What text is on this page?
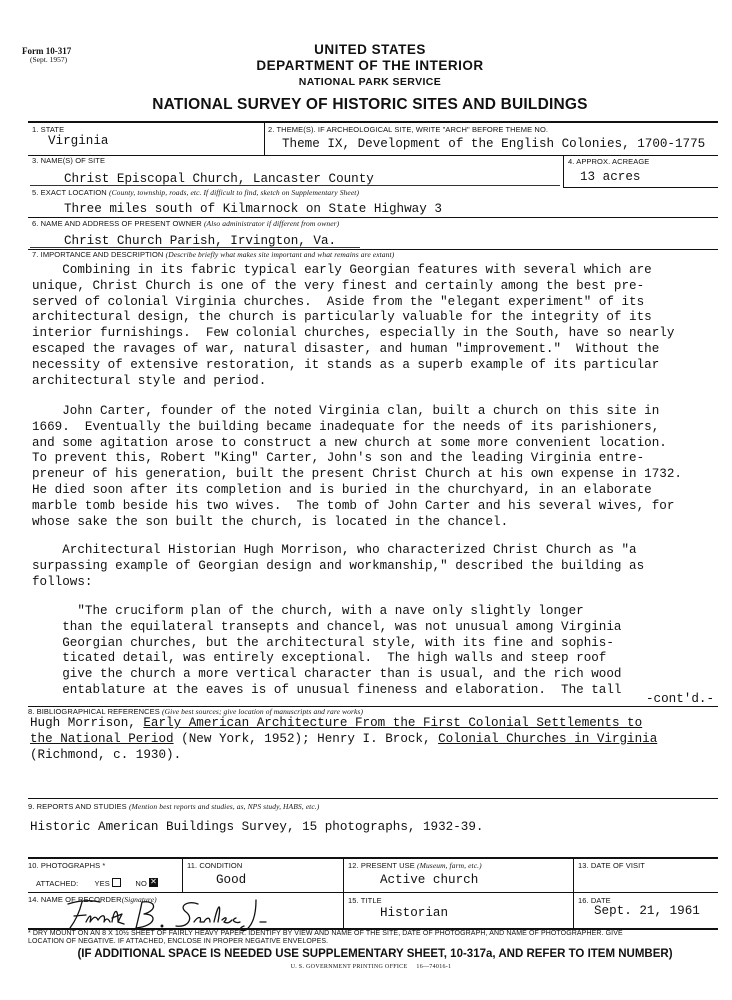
Form 10-317
(Sept. 1957)
UNITED STATES
DEPARTMENT OF THE INTERIOR
NATIONAL PARK SERVICE
NATIONAL SURVEY OF HISTORIC SITES AND BUILDINGS
1. STATE
Virginia
2. THEME(S). IF ARCHEOLOGICAL SITE, WRITE "ARCH" BEFORE THEME NO.
Theme IX, Development of the English Colonies, 1700-1775
3. NAME(S) OF SITE
Christ Episcopal Church, Lancaster County
4. APPROX. ACREAGE
13 acres
5. EXACT LOCATION (County, township, roads, etc. If difficult to find, sketch on Supplementary Sheet)
Three miles south of Kilmarnock on State Highway 3
6. NAME AND ADDRESS OF PRESENT OWNER (Also administrator if different from owner)
Christ Church Parish, Irvington, Va.
7. IMPORTANCE AND DESCRIPTION (Describe briefly what makes site important and what remains are extant)
Combining in its fabric typical early Georgian features with several which are
unique, Christ Church is one of the very finest and certainly among the best pre-
served of colonial Virginia churches.  Aside from the "elegant experiment" of its
architectural design, the church is particularly valuable for the integrity of its
interior furnishings.  Few colonial churches, especially in the South, have so nearly
escaped the ravages of war, natural disaster, and human "improvement."  Without the
necessity of extensive restoration, it stands as a superb example of its particular
architectural style and period.
John Carter, founder of the noted Virginia clan, built a church on this site in
1669.  Eventually the building became inadequate for the needs of its parishioners,
and some agitation arose to construct a new church at some more convenient location.
To prevent this, Robert "King" Carter, John's son and the leading Virginia entre-
preneur of his generation, built the present Christ Church at his own expense in 1732.
He died soon after its completion and is buried in the churchyard, in an elaborate
marble tomb beside his two wives.  The tomb of John Carter and his several wives, for
whose sake the son built the church, is located in the chancel.
Architectural Historian Hugh Morrison, who characterized Christ Church as "a
surpassing example of Georgian design and workmanship," described the building as
follows:
"The cruciform plan of the church, with a nave only slightly longer
than the equilateral transepts and chancel, was not unusual among Virginia
Georgian churches, but the architectural style, with its fine and sophis-
ticated detail, was entirely exceptional.  The high walls and steep roof
give the church a more vertical character than is usual, and the rich wood
entablature at the eaves is of unusual fineness and elaboration.  The tall
-cont'd.-
8. BIBLIOGRAPHICAL REFERENCES (Give best sources; give location of manuscripts and rare works)
Hugh Morrison, Early American Architecture From the First Colonial Settlements to
the National Period (New York, 1952); Henry I. Brock, Colonial Churches in Virginia
(Richmond, c. 1930).
9. REPORTS AND STUDIES (Mention best reports and studies, as, NPS study, HABS, etc.)
Historic American Buildings Survey, 15 photographs, 1932-39.
10. PHOTOGRAPHS *
ATTACHED: YES	NO ✕
11. CONDITION
Good
12. PRESENT USE (Museum, farm, etc.)
Active church
13. DATE OF VISIT
14. NAME OF RECORDER(Signature)	15. TITLE
Historian
16. DATE
Sept. 21, 1961
* DRY MOUNT ON AN 8 X 10½ SHEET OF FAIRLY HEAVY PAPER. IDENTIFY BY VIEW AND NAME OF THE SITE, DATE OF PHOTOGRAPH, AND NAME OF PHOTOGRAPHER. GIVE
LOCATION OF NEGATIVE. IF ATTACHED, ENCLOSE IN PROPER NEGATIVE ENVELOPES.
(IF ADDITIONAL SPACE IS NEEDED USE SUPPLEMENTARY SHEET, 10-317a, AND REFER TO ITEM NUMBER)
U. S. GOVERNMENT PRINTING OFFICE     16—74016-1
